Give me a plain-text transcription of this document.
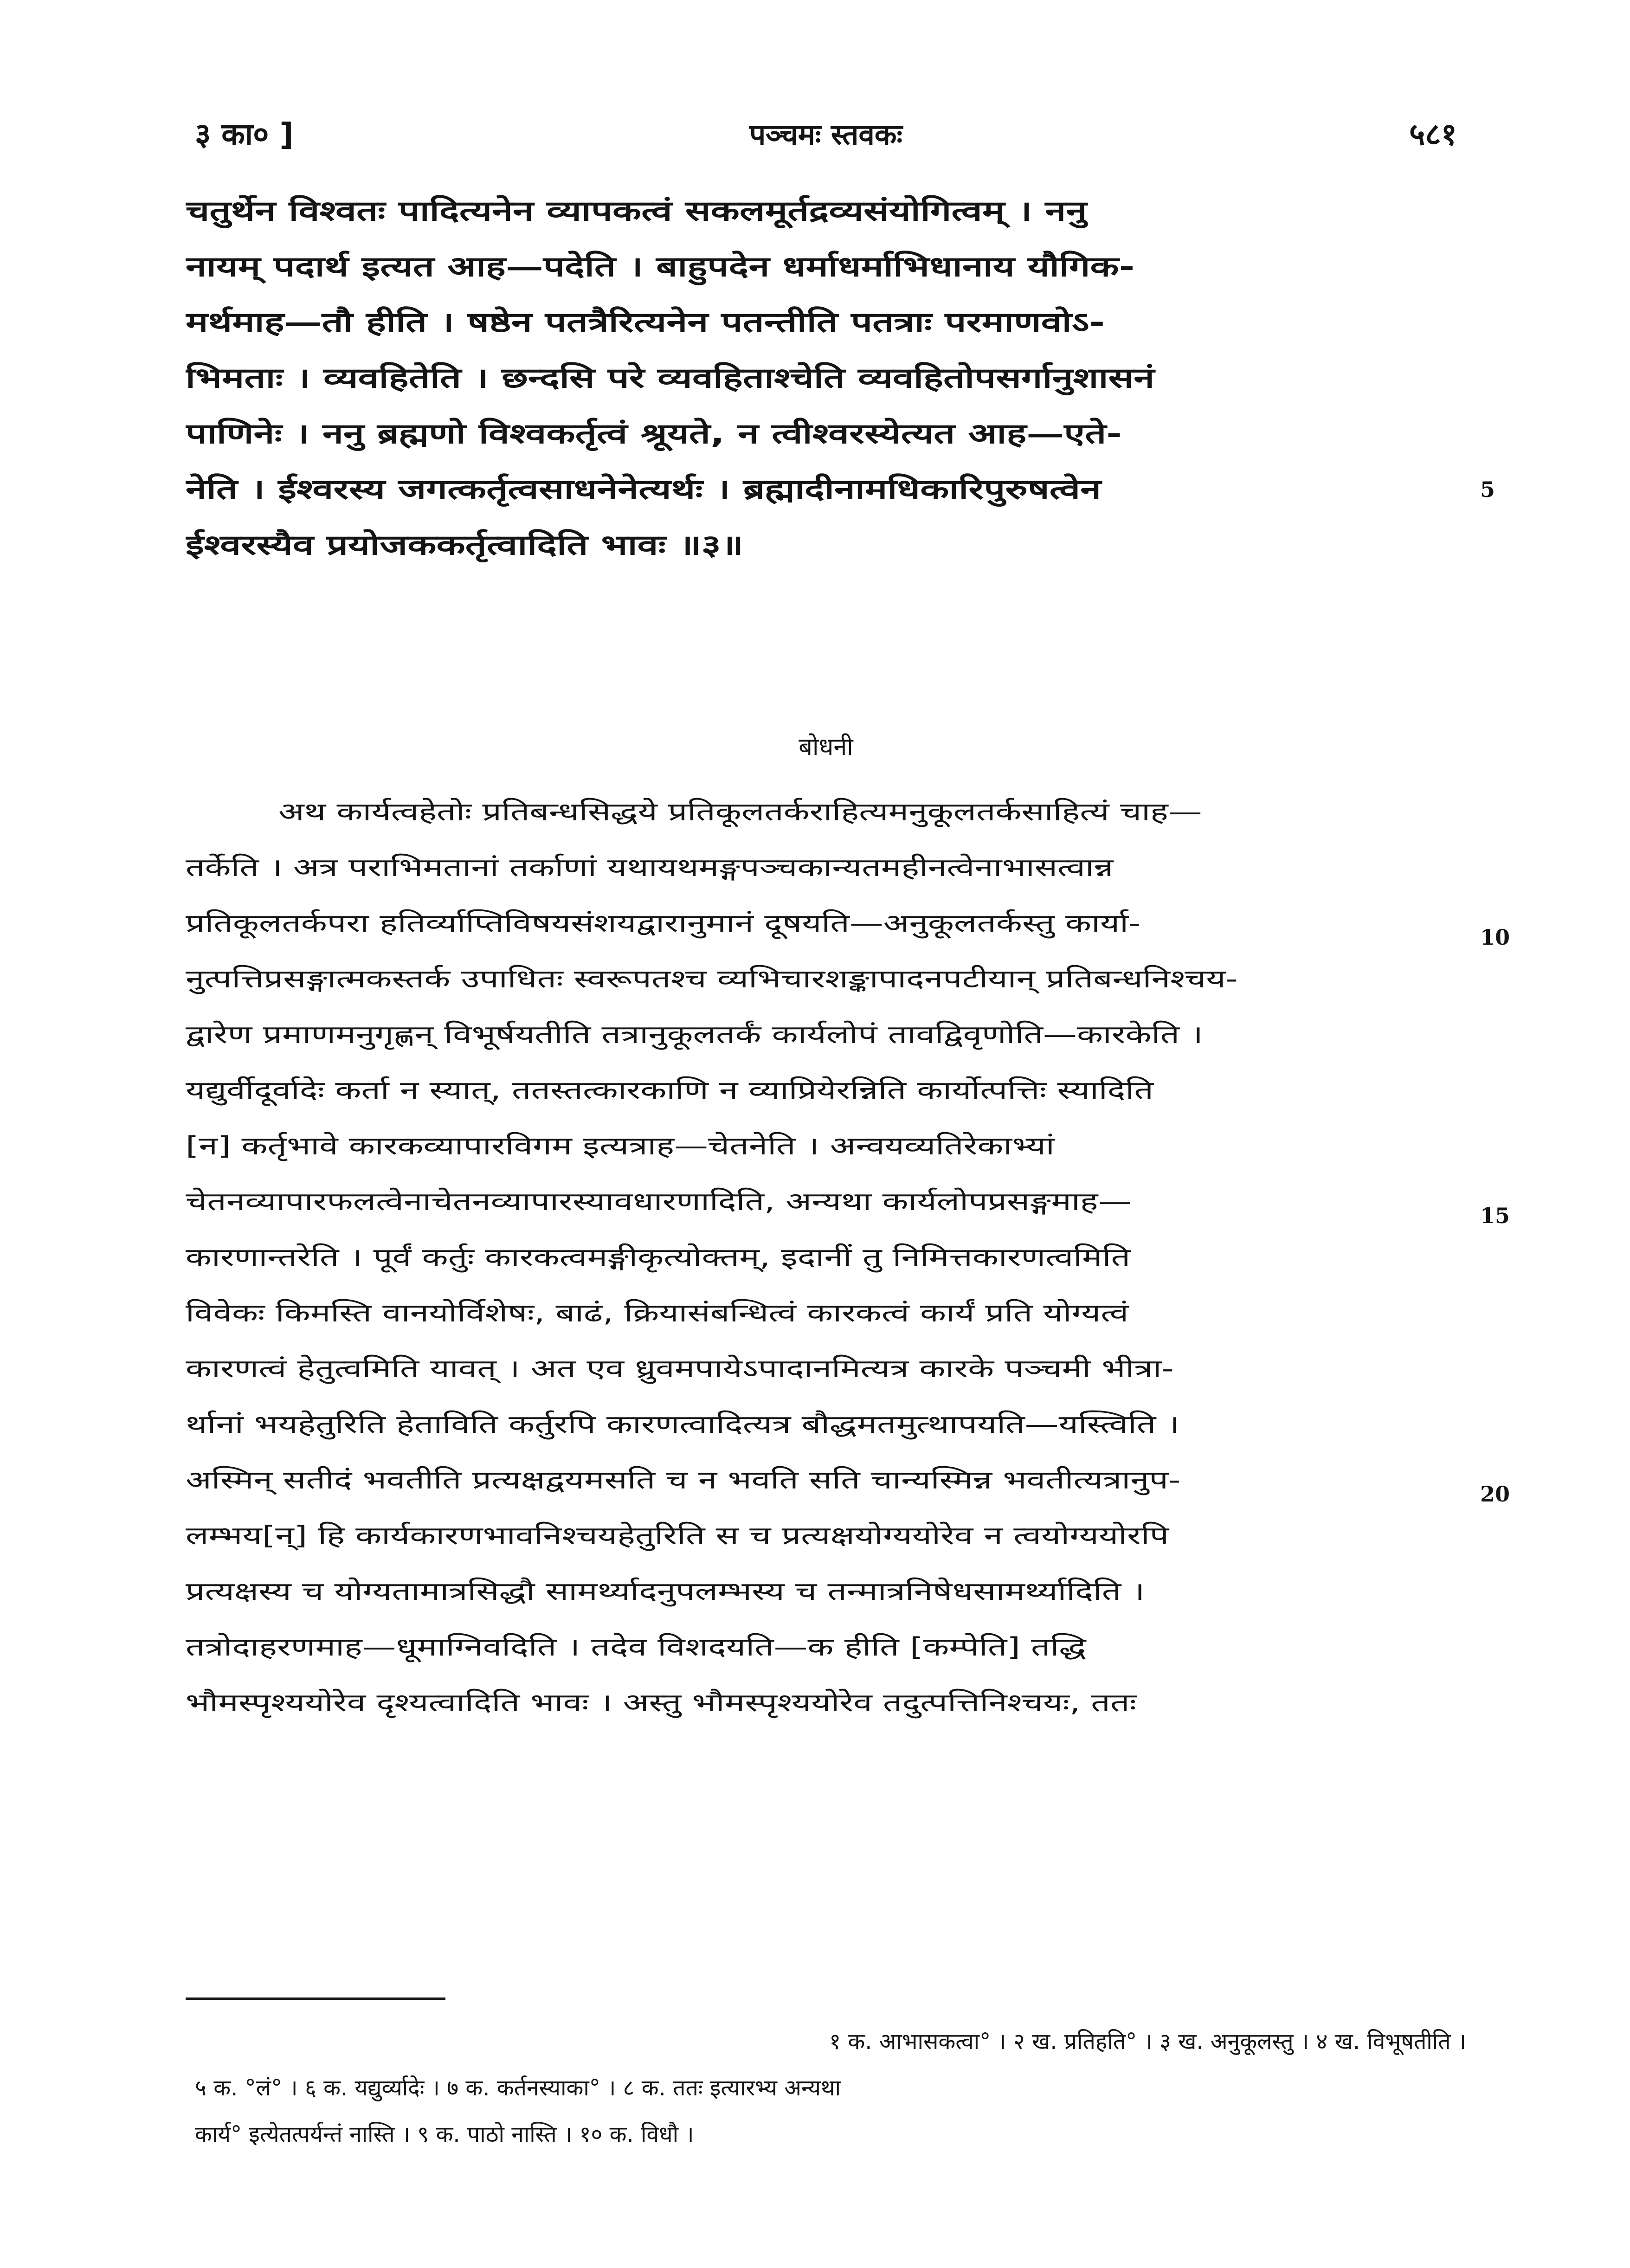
३ का० ]	पञ्चमः स्तवकः	५८१
चतुर्थेन विश्वतः पादित्यनेन व्यापकत्वं सकलमूर्तद्रव्यसंयोगित्वम् । ननु
नायम् पदार्थ इत्यत आह—पदेति । बाहुपदेन धर्माधर्माभिधानाय यौगिक-
मर्थमाह—तौ हीति । षष्ठेन पतत्रैरित्यनेन पतन्तीति पतत्राः परमाणवोऽ-
भिमताः । व्यवहितेति । छन्दसि परे व्यवहिताश्चेति व्यवहितोपसर्गानुशासनं
पाणिनेः । ननु ब्रह्मणो विश्वकर्तृत्वं श्रूयते, न त्वीश्वरस्येत्यत आह—एते-
नेति । ईश्वरस्य जगत्कर्तृत्वसाधनेनेत्यर्थः । ब्रह्मादीनामधिकारिपुरुषत्वेन
ईश्वरस्यैव प्रयोजककर्तृत्वादिति भावः ॥३॥
5
बोधनी
अथ कार्यत्वहेतोः प्रतिबन्धसिद्धये प्रतिकूलतर्कराहित्यमनुकूलतर्कसाहित्यं चाह—
तर्केति । अत्र पराभिमतानां तर्काणां यथायथमङ्गपञ्चकान्यतमहीनत्वेनाभासत्वान्न
प्रतिकूलतर्कपरा हतिर्व्याप्तिविषयसंशयद्वारानुमानं दूषयति—अनुकूलतर्कस्तु कार्या-
नुत्पत्तिप्रसङ्गात्मकस्तर्क उपाधितः स्वरूपतश्च व्यभिचारशङ्कापादनपटीयान् प्रतिबन्धनिश्चय-
द्वारेण प्रमाणमनुगृह्णन् विभूर्षयतीति तत्रानुकूलतर्कं कार्यलोपं तावद्विवृणोति—कारकेति ।
यद्युर्वीदूर्वादेः कर्ता न स्यात्, ततस्तत्कारकाणि न व्याप्रियेरन्निति कार्योत्पत्तिः स्यादिति
[न] कर्तृभावे कारकव्यापारविगम इत्यत्राह—चेतनेति । अन्वयव्यतिरेकाभ्यां
चेतनव्यापारफलत्वेनाचेतनव्यापारस्यावधारणादिति, अन्यथा कार्यलोपप्रसङ्गमाह—
कारणान्तरेति । पूर्वं कर्तुः कारकत्वमङ्गीकृत्योक्तम्, इदानीं तु निमित्तकारणत्वमिति
विवेकः किमस्ति वानयोर्विशेषः, बाढं, क्रियासंबन्धित्वं कारकत्वं कार्यं प्रति योग्यत्वं
कारणत्वं हेतुत्वमिति यावत् । अत एव ध्रुवमपायेऽपादानमित्यत्र कारके पञ्चमी भीत्रा-
र्थानां भयहेतुरिति हेताविति कर्तुरपि कारणत्वादित्यत्र बौद्धमतमुत्थापयति—यस्त्विति ।
अस्मिन् सतीदं भवतीति प्रत्यक्षद्वयमसति च न भवति सति चान्यस्मिन्न भवतीत्यत्रानुप-
लम्भय[न्] हि कार्यकारणभावनिश्चयहेतुरिति स च प्रत्यक्षयोग्ययोरेव न त्वयोग्ययोरपि
प्रत्यक्षस्य च योग्यतामात्रसिद्धौ सामर्थ्यादनुपलम्भस्य च तन्मात्रनिषेधसामर्थ्यादिति ।
तत्रोदाहरणमाह—धूमाग्निवदिति । तदेव विशदयति—क हीति [कम्पेति] तद्धि
भौमस्पृश्ययोरेव दृश्यत्वादिति भावः । अस्तु भौमस्पृश्ययोरेव तदुत्पत्तिनिश्चयः, ततः
10
15
20
१ क. आभासकत्वा° । २ ख. प्रतिहति° । ३ ख. अनुकूलस्तु । ४ ख. विभूषतीति ।
५ क. °लं° । ६ क. यद्युर्व्यादेः । ७ क. कर्तनस्याका° । ८ क. ततः इत्यारभ्य अन्यथा
कार्य° इत्येतत्पर्यन्तं नास्ति । ९ क. पाठो नास्ति । १० क. विधौ ।
